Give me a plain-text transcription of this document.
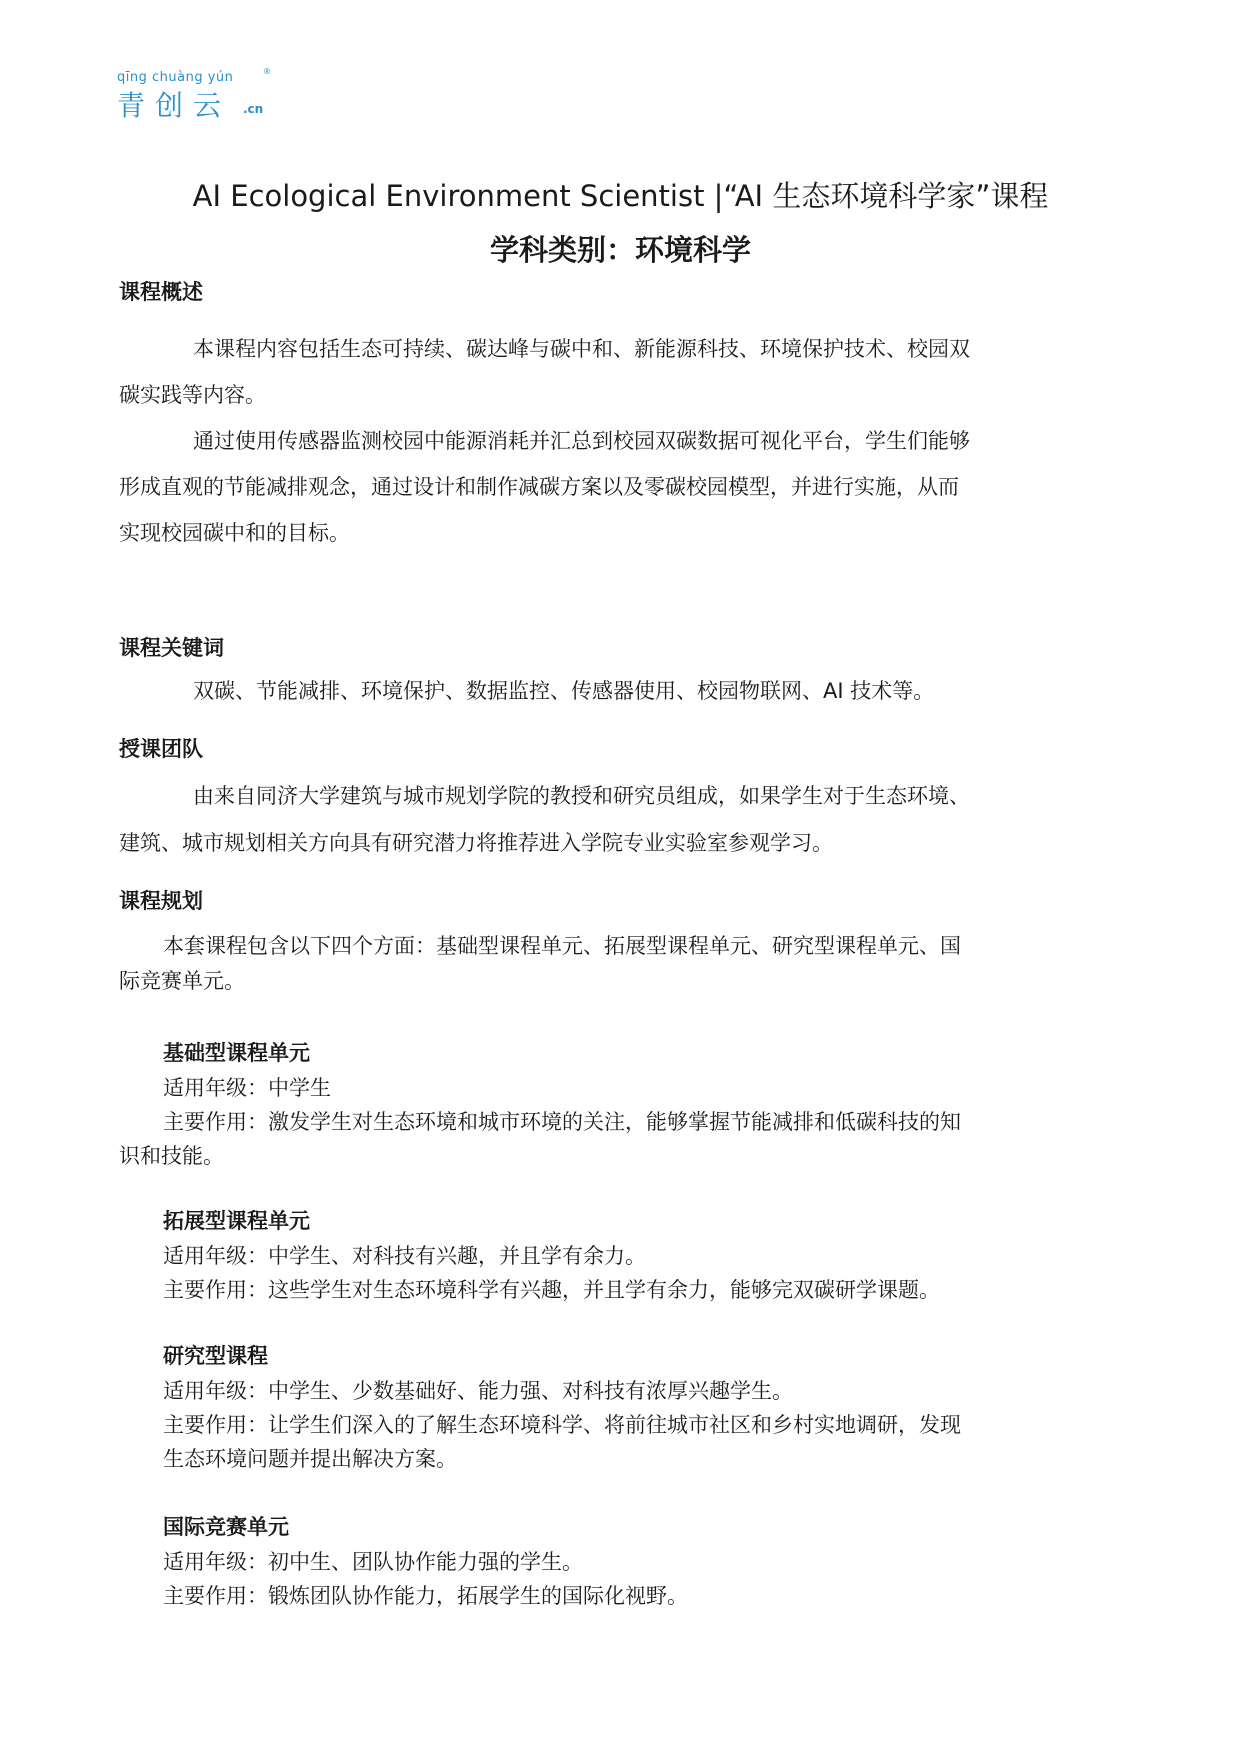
qīng chuàng yún	®
青创云 .cn
AI Ecological Environment Scientist |“AI 生态环境科学家”课程
学科类别：环境科学
课程概述
本课程内容包括生态可持续、碳达峰与碳中和、新能源科技、环境保护技术、校园双
碳实践等内容。
通过使用传感器监测校园中能源消耗并汇总到校园双碳数据可视化平台，学生们能够
形成直观的节能减排观念，通过设计和制作减碳方案以及零碳校园模型，并进行实施，从而
实现校园碳中和的目标。
课程关键词
双碳、节能减排、环境保护、数据监控、传感器使用、校园物联网、AI 技术等。
授课团队
由来自同济大学建筑与城市规划学院的教授和研究员组成，如果学生对于生态环境、
建筑、城市规划相关方向具有研究潜力将推荐进入学院专业实验室参观学习。
课程规划
本套课程包含以下四个方面：基础型课程单元、拓展型课程单元、研究型课程单元、国
际竞赛单元。
基础型课程单元
适用年级：中学生
主要作用：激发学生对生态环境和城市环境的关注，能够掌握节能减排和低碳科技的知
识和技能。
拓展型课程单元
适用年级：中学生、对科技有兴趣，并且学有余力。
主要作用：这些学生对生态环境科学有兴趣，并且学有余力，能够完双碳研学课题。
研究型课程
适用年级：中学生、少数基础好、能力强、对科技有浓厚兴趣学生。
主要作用：让学生们深入的了解生态环境科学、将前往城市社区和乡村实地调研，发现
生态环境问题并提出解决方案。
国际竞赛单元
适用年级：初中生、团队协作能力强的学生。
主要作用：锻炼团队协作能力，拓展学生的国际化视野。
